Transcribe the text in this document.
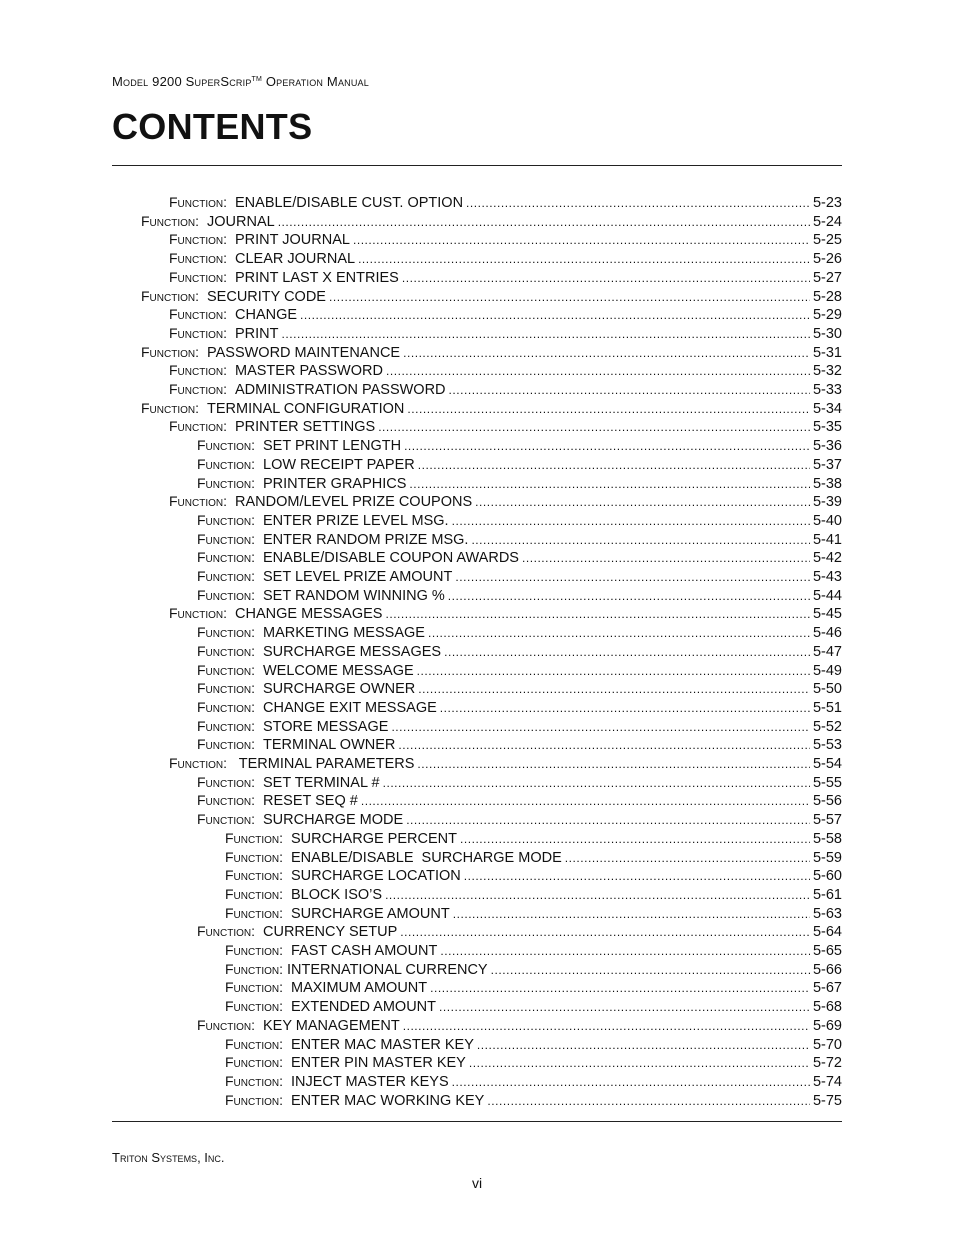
Model 9200 SuperScrip™ Operation Manual
CONTENTS
Function: ENABLE/DISABLE CUST. OPTION . . .	5-23
Function: JOURNAL . . .	5-24
Function: PRINT JOURNAL . . .	5-25
Function: CLEAR JOURNAL . . .	5-26
Function: PRINT LAST X ENTRIES . . .	5-27
Function: SECURITY CODE . . .	5-28
Function: CHANGE . . .	5-29
Function: PRINT . . .	5-30
Function: PASSWORD MAINTENANCE . . .	5-31
Function: MASTER PASSWORD . . .	5-32
Function: ADMINISTRATION PASSWORD . . .	5-33
Function: TERMINAL CONFIGURATION . . .	5-34
Function: PRINTER SETTINGS . . .	5-35
Function: SET PRINT LENGTH . . .	5-36
Function: LOW RECEIPT PAPER . . .	5-37
Function: PRINTER GRAPHICS . . .	5-38
Function: RANDOM/LEVEL PRIZE COUPONS . . .	5-39
Function: ENTER PRIZE LEVEL MSG. . . .	5-40
Function: ENTER RANDOM PRIZE MSG. . . .	5-41
Function: ENABLE/DISABLE COUPON AWARDS . . .	5-42
Function: SET LEVEL PRIZE AMOUNT . . .	5-43
Function: SET RANDOM WINNING % . . .	5-44
Function: CHANGE MESSAGES . . .	5-45
Function: MARKETING MESSAGE . . .	5-46
Function: SURCHARGE MESSAGES . . .	5-47
Function: WELCOME MESSAGE . . .	5-49
Function: SURCHARGE OWNER . . .	5-50
Function: CHANGE EXIT MESSAGE . . .	5-51
Function: STORE MESSAGE . . .	5-52
Function: TERMINAL OWNER . . .	5-53
Function: TERMINAL PARAMETERS . . .	5-54
Function: SET TERMINAL # . . .	5-55
Function: RESET SEQ # . . .	5-56
Function: SURCHARGE MODE . . .	5-57
Function: SURCHARGE PERCENT . . .	5-58
Function: ENABLE/DISABLE  SURCHARGE MODE . . .	5-59
Function: SURCHARGE LOCATION . . .	5-60
Function: BLOCK ISO’S . . .	5-61
Function: SURCHARGE AMOUNT . . .	5-63
Function: CURRENCY SETUP . . .	5-64
Function: FAST CASH AMOUNT . . .	5-65
Function: INTERNATIONAL CURRENCY . . .	5-66
Function: MAXIMUM AMOUNT . . .	5-67
Function: EXTENDED AMOUNT . . .	5-68
Function: KEY MANAGEMENT . . .	5-69
Function: ENTER MAC MASTER KEY . . .	5-70
Function: ENTER PIN MASTER KEY . . .	5-72
Function: INJECT MASTER KEYS . . .	5-74
Function: ENTER MAC WORKING KEY . . .	5-75
Triton Systems, Inc.
vi
